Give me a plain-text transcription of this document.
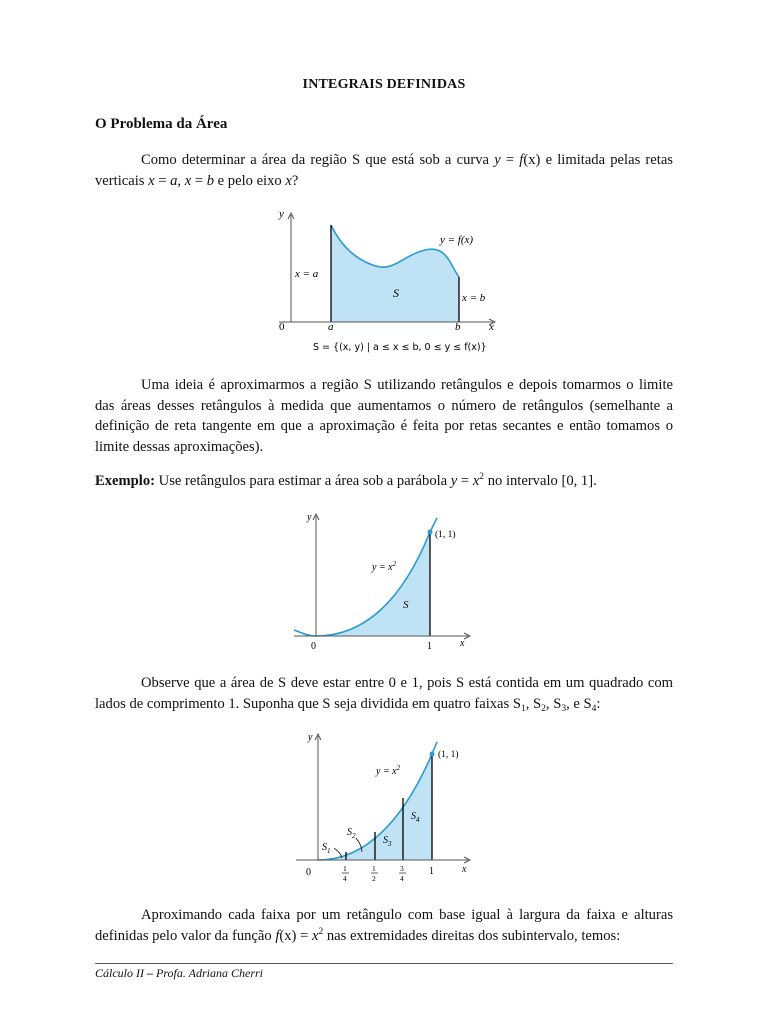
INTEGRAIS DEFINIDAS
O Problema da Área
Como determinar a área da região S que está sob a curva y = f(x) e limitada pelas retas verticais x = a, x = b e pelo eixo x?
y
x
0
y = f(x)
x = a
x = b
S
a	b
S = {(x, y) | a ≤ x ≤ b, 0 ≤ y ≤ f(x)}
Uma ideia é aproximarmos a região S utilizando retângulos e depois tomarmos o limite das áreas desses retângulos à medida que aumentamos o número de retângulos (semelhante a definição de reta tangente em que a aproximação é feita por retas secantes e então tomamos o limite dessas aproximações).
Exemplo: Use retângulos para estimar a área sob a parábola $y = x^2$ no intervalo [0, 1].
y
x
0
(1, 1)
$y = x^2$
S
1
Observe que a área de S deve estar entre 0 e 1, pois S está contida em um quadrado com lados de comprimento 1. Suponha que S seja dividida em quatro faixas $S_1$, $S_2$, $S_3$, e $S_4$:
y
x
0
(1, 1)
$y = x^2$
$S_1$
$S_2$	$S_3$
$S_4$
1
4
1
2
3
4
1
Aproximando cada faixa por um retângulo com base igual à largura da faixa e alturas definidas pelo valor da função $f(x) = x^2$ nas extremidades direitas dos subintervalo, temos:
Cálculo II – Profa. Adriana Cherri
